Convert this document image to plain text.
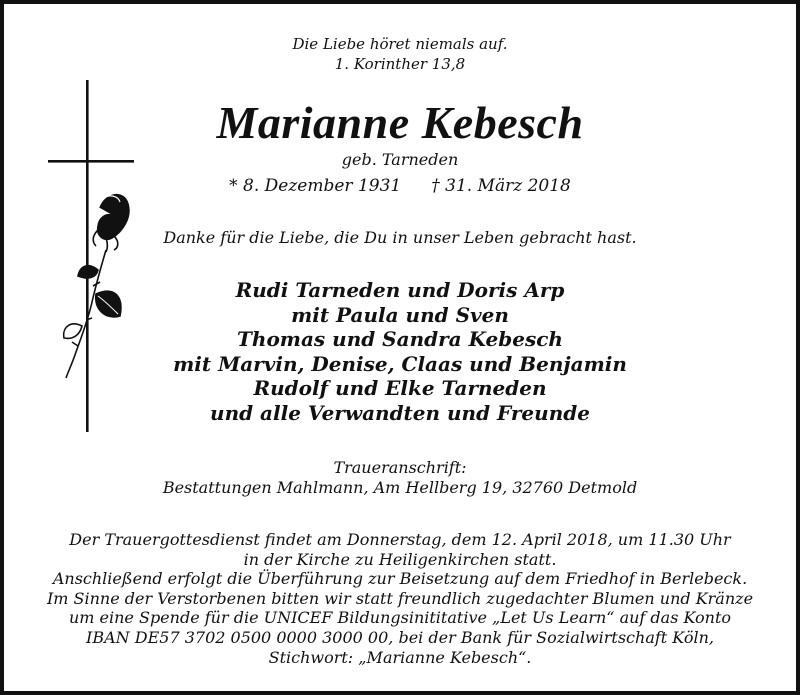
Die Liebe höret niemals auf.
1. Korinther 13,8
Marianne Kebesch
geb. Tarneden
* 8. Dezember 1931 † 31. März 2018
Danke für die Liebe, die Du in unser Leben gebracht hast.
Rudi Tarneden und Doris Arp
mit Paula und Sven
Thomas und Sandra Kebesch
mit Marvin, Denise, Claas und Benjamin
Rudolf und Elke Tarneden
und alle Verwandten und Freunde
Traueranschrift:
Bestattungen Mahlmann, Am Hellberg 19, 32760 Detmold
Der Trauergottesdienst findet am Donnerstag, dem 12. April 2018, um 11.30 Uhr
in der Kirche zu Heiligenkirchen statt.
Anschließend erfolgt die Überführung zur Beisetzung auf dem Friedhof in Berlebeck.
Im Sinne der Verstorbenen bitten wir statt freundlich zugedachter Blumen und Kränze
um eine Spende für die UNICEF Bildungsinititative „Let Us Learn“ auf das Konto
IBAN DE57 3702 0500 0000 3000 00, bei der Bank für Sozialwirtschaft Köln,
Stichwort: „Marianne Kebesch“.
